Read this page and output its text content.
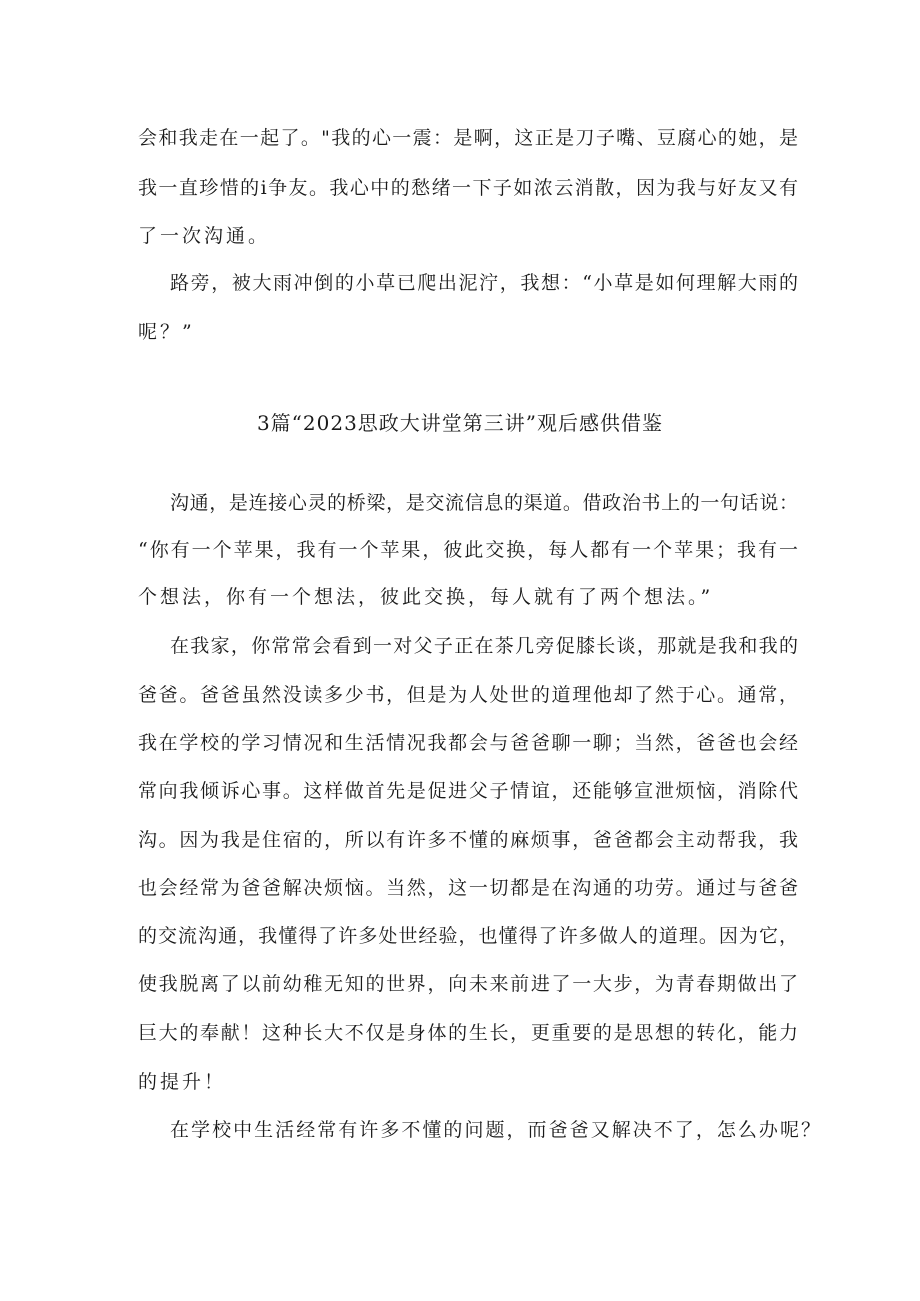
会和我走在一起了。"我的心一震：是啊，这正是刀子嘴、豆腐心的她，是
我一直珍惜的i争友。我心中的愁绪一下子如浓云消散，因为我与好友又有
了一次沟通。
路旁，被大雨冲倒的小草已爬出泥泞，我想：“小草是如何理解大雨的
呢？”
3篇“2023思政大讲堂第三讲”观后感供借鉴
沟通，是连接心灵的桥梁，是交流信息的渠道。借政治书上的一句话说：
“你有一个苹果，我有一个苹果，彼此交换，每人都有一个苹果；我有一
个想法，你有一个想法，彼此交换，每人就有了两个想法。”
在我家，你常常会看到一对父子正在茶几旁促膝长谈，那就是我和我的
爸爸。爸爸虽然没读多少书，但是为人处世的道理他却了然于心。通常，
我在学校的学习情况和生活情况我都会与爸爸聊一聊；当然，爸爸也会经
常向我倾诉心事。这样做首先是促进父子情谊，还能够宣泄烦恼，消除代
沟。因为我是住宿的，所以有许多不懂的麻烦事，爸爸都会主动帮我，我
也会经常为爸爸解决烦恼。当然，这一切都是在沟通的功劳。通过与爸爸
的交流沟通，我懂得了许多处世经验，也懂得了许多做人的道理。因为它，
使我脱离了以前幼稚无知的世界，向未来前进了一大步，为青春期做出了
巨大的奉献！这种长大不仅是身体的生长，更重要的是思想的转化，能力
的提升！
在学校中生活经常有许多不懂的问题，而爸爸又解决不了，怎么办呢？
